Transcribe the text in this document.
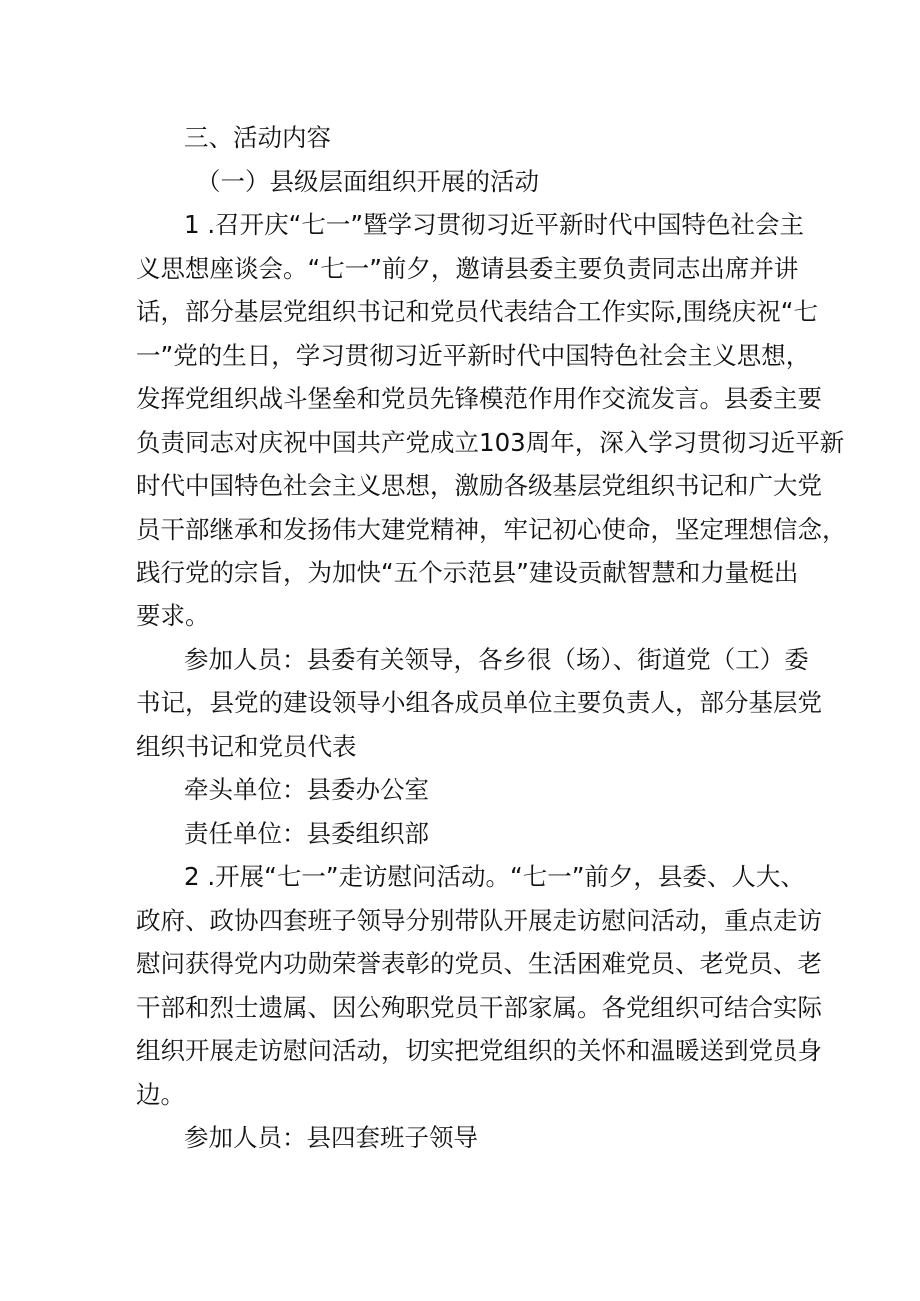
三、活动内容
（一）县级层面组织开展的活动
1 .召开庆“七一”暨学习贯彻习近平新时代中国特色社会主
义思想座谈会。“七一”前夕，邀请县委主要负责同志出席并讲
话，部分基层党组织书记和党员代表结合工作实际,围绕庆祝“七
一”党的生日，学习贯彻习近平新时代中国特色社会主义思想，
发挥党组织战斗堡垒和党员先锋模范作用作交流发言。县委主要
负责同志对庆祝中国共产党成立103周年，深入学习贯彻习近平新
时代中国特色社会主义思想，激励各级基层党组织书记和广大党
员干部继承和发扬伟大建党精神，牢记初心使命，坚定理想信念，
践行党的宗旨，为加快“五个示范县”建设贡献智慧和力量梃出
要求。
参加人员：县委有关领导，各乡很（场）、街道党（工）委
书记，县党的建设领导小组各成员单位主要负责人，部分基层党
组织书记和党员代表
牵头单位：县委办公室
责任单位：县委组织部
2 .开展“七一”走访慰问活动。“七一”前夕，县委、人大、
政府、政协四套班子领导分别带队开展走访慰问活动，重点走访
慰问获得党内功勋荣誉表彰的党员、生活困难党员、老党员、老
干部和烈士遗属、因公殉职党员干部家属。各党组织可结合实际
组织开展走访慰问活动，切实把党组织的关怀和温暖送到党员身
边。
参加人员：县四套班子领导
